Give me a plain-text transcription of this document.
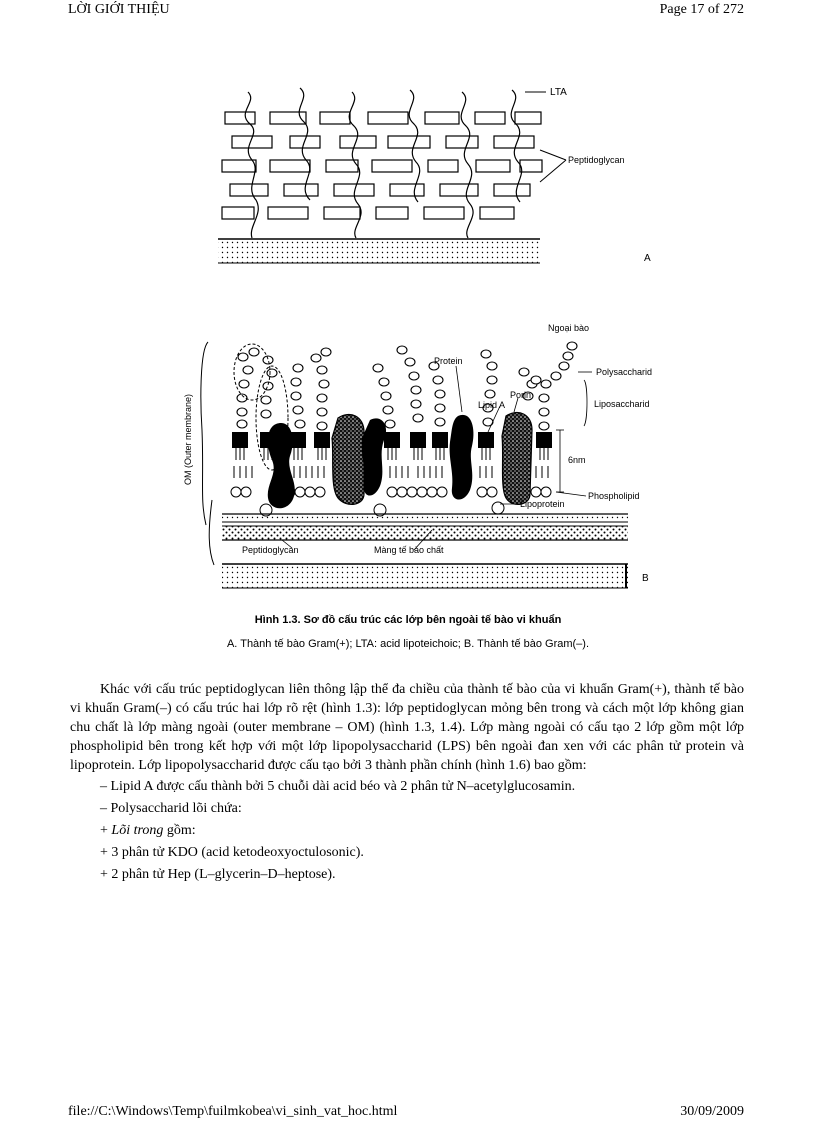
LỜI GIỚI THIỆU	Page 17 of 272
LTA
Peptidoglycan
A
OM (Outer membrane)
Ngoại bào
Protein
Porin
Lipid A
Polysaccharid
Liposaccharid
6nm
Phospholipid
Lipoprotein
Peptidoglycan	Màng tế bào chất
B
Hình 1.3. Sơ đồ cấu trúc các lớp bên ngoài tế bào vi khuẩn
A. Thành tế bào Gram(+); LTA: acid lipoteichoic; B. Thành tế bào Gram(–).

Khác với cấu trúc peptidoglycan liên thông lập thể đa chiều của thành tế bào của vi khuẩn Gram(+), thành tế bào vi khuẩn Gram(–) có cấu trúc hai lớp rõ rệt (hình 1.3): lớp peptidoglycan mỏng bên trong và cách một lớp không gian chu chất là lớp màng ngoài (outer membrane – OM) (hình 1.3, 1.4). Lớp màng ngoài có cấu tạo 2 lớp gồm một lớp phospholipid bên trong kết hợp với một lớp lipopolysaccharid (LPS) bên ngoài đan xen với các phân tử protein và lipoprotein. Lớp lipopolysaccharid được cấu tạo bởi 3 thành phần chính (hình 1.6) bao gồm:

– Lipid A được cấu thành bởi 5 chuỗi dài acid béo và 2 phân tử N–acetylglucosamin.
– Polysaccharid lõi chứa:
+ Lõi trong gồm:
+ 3 phân tử KDO (acid ketodeoxyoctulosonic).
+ 2 phân tử Hep (L–glycerin–D–heptose).
file://C:\Windows\Temp\fuilmkobea\vi_sinh_vat_hoc.html	30/09/2009
